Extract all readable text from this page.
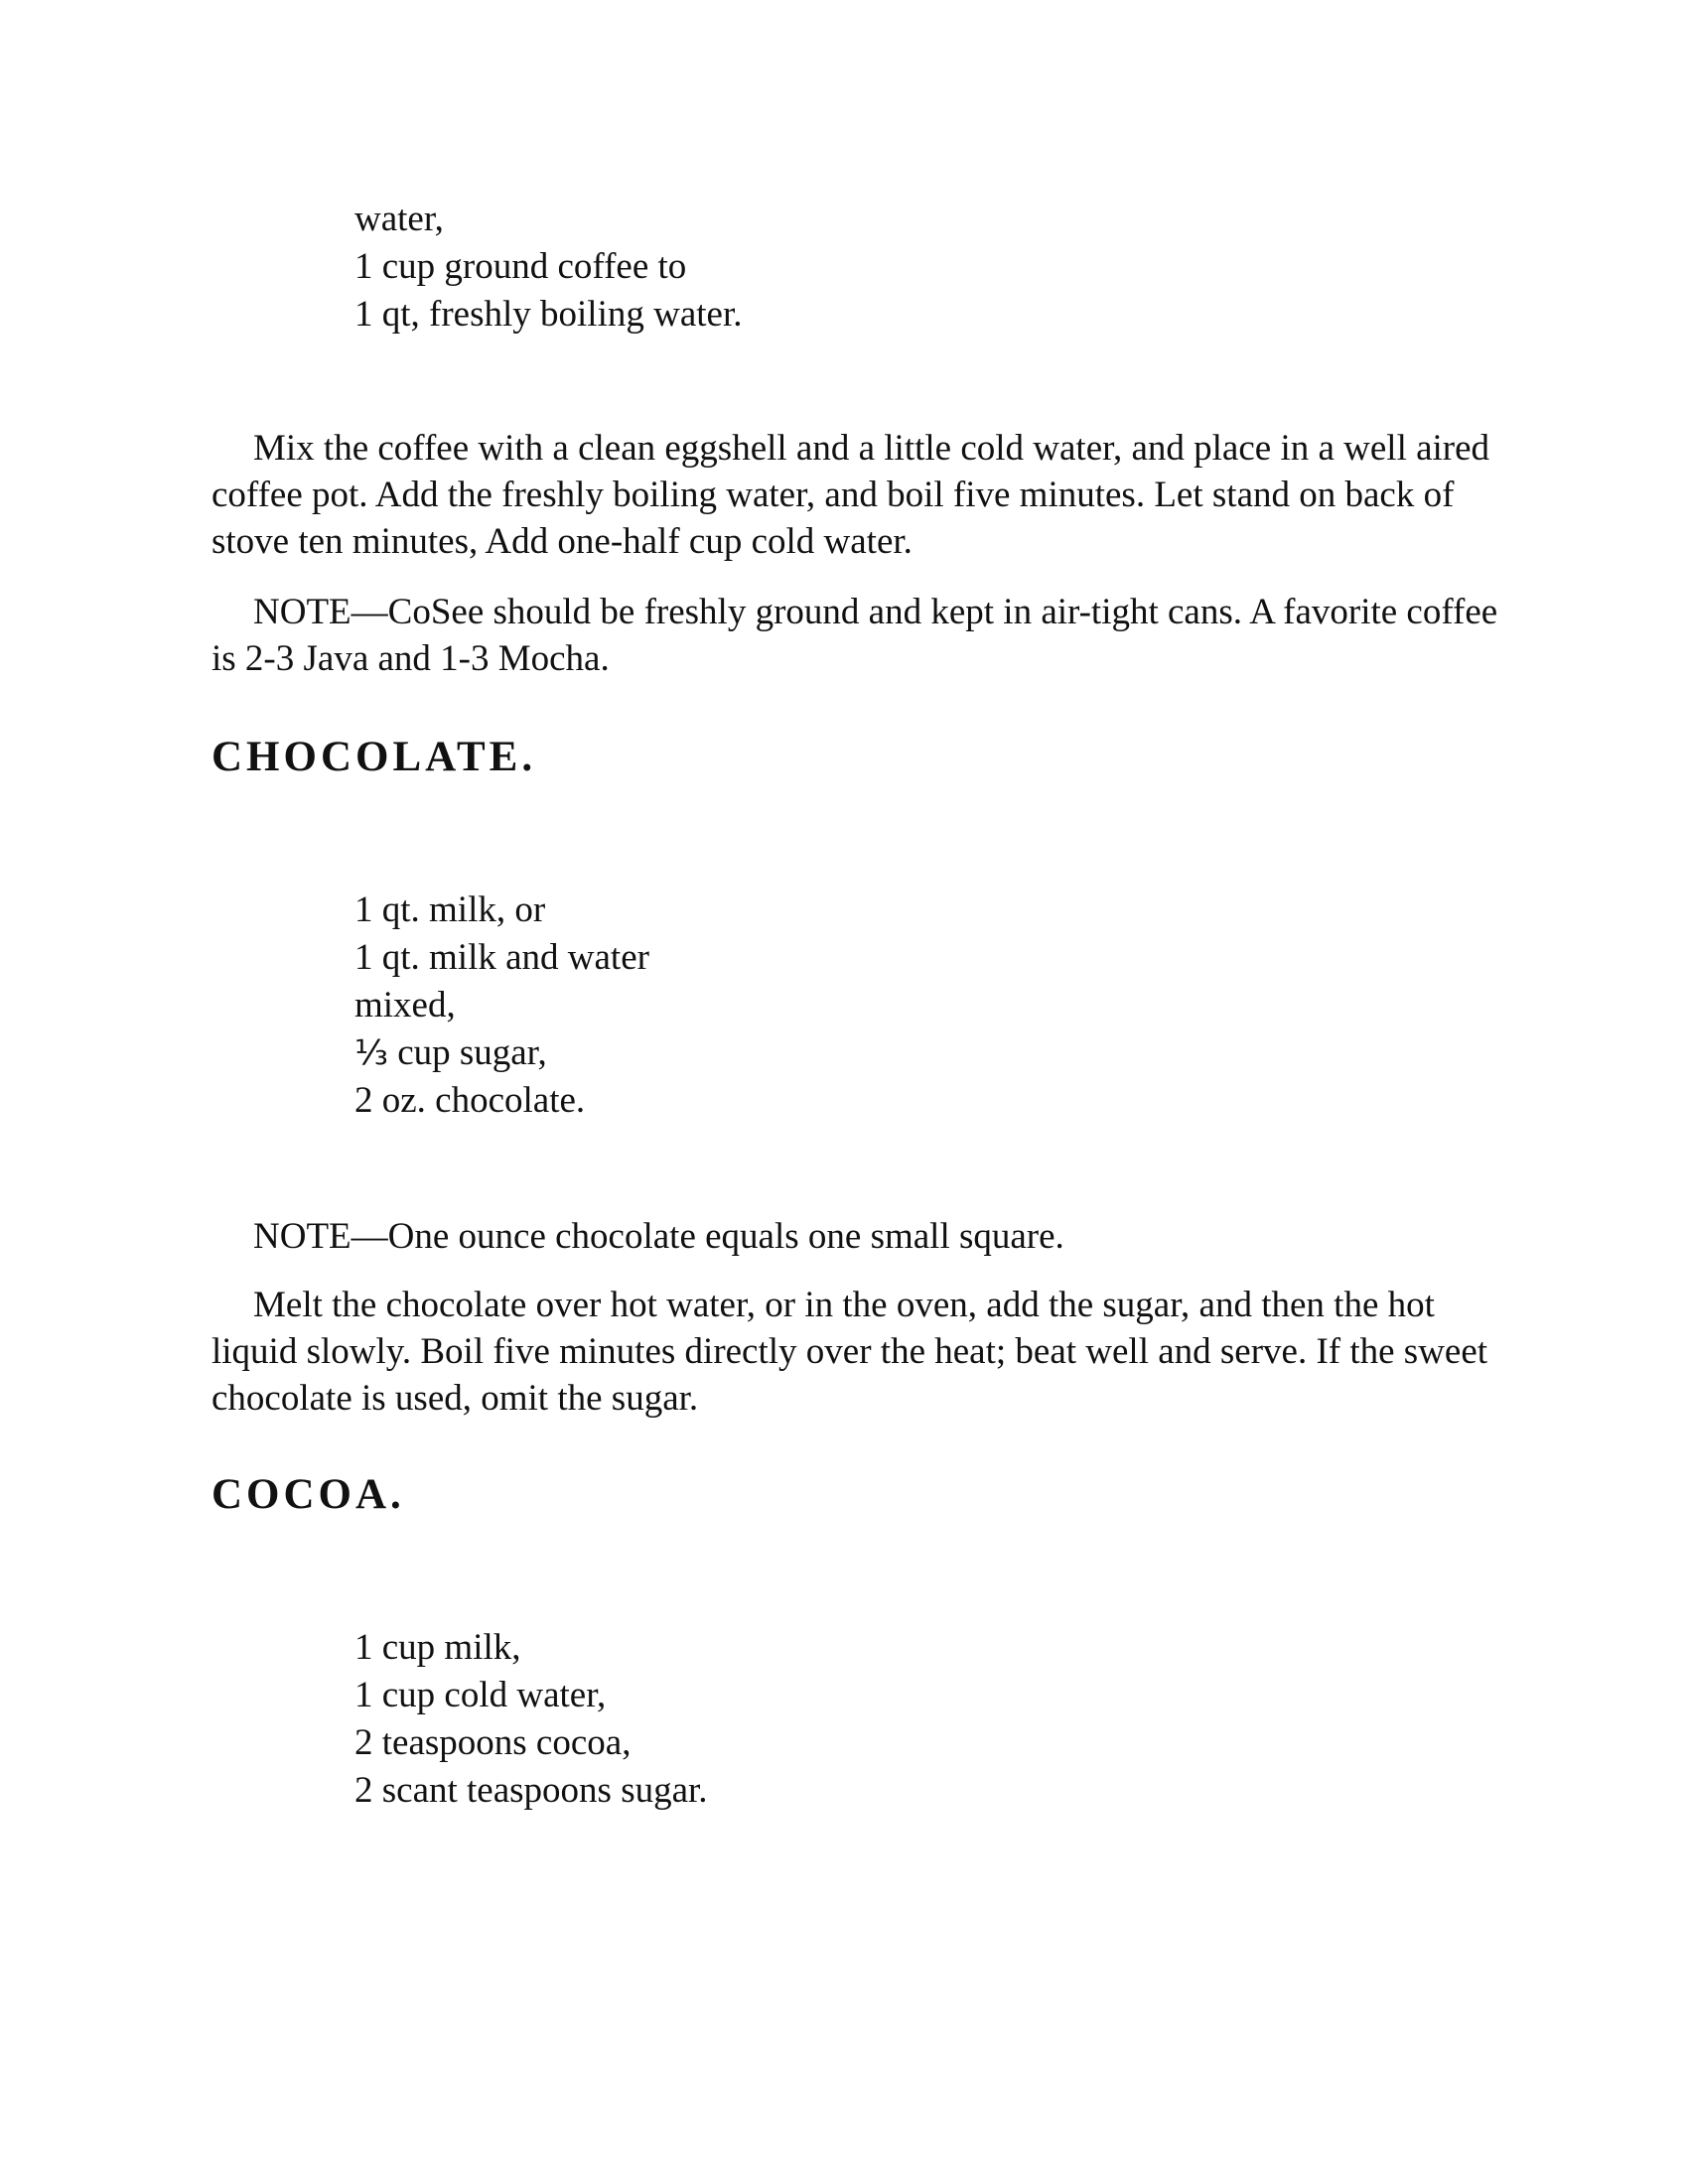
water,
1 cup ground coffee to
1 qt, freshly boiling water.

Mix the coffee with a clean eggshell and a little cold water, and place in a well aired coffee pot. Add the freshly boiling water, and boil five minutes. Let stand on back of stove ten minutes, Add one-half cup cold water.

NOTE—CoSee should be freshly ground and kept in air-tight cans. A favorite coffee is 2-3 Java and 1-3 Mocha.

CHOCOLATE.
1 qt. milk, or
1 qt. milk and water
mixed,
⅓ cup sugar,
2 oz. chocolate.

NOTE—One ounce chocolate equals one small square.

Melt the chocolate over hot water, or in the oven, add the sugar, and then the hot liquid slowly. Boil five minutes directly over the heat; beat well and serve. If the sweet chocolate is used, omit the sugar.

COCOA.
1 cup milk,
1 cup cold water,
2 teaspoons cocoa,
2 scant teaspoons sugar.
